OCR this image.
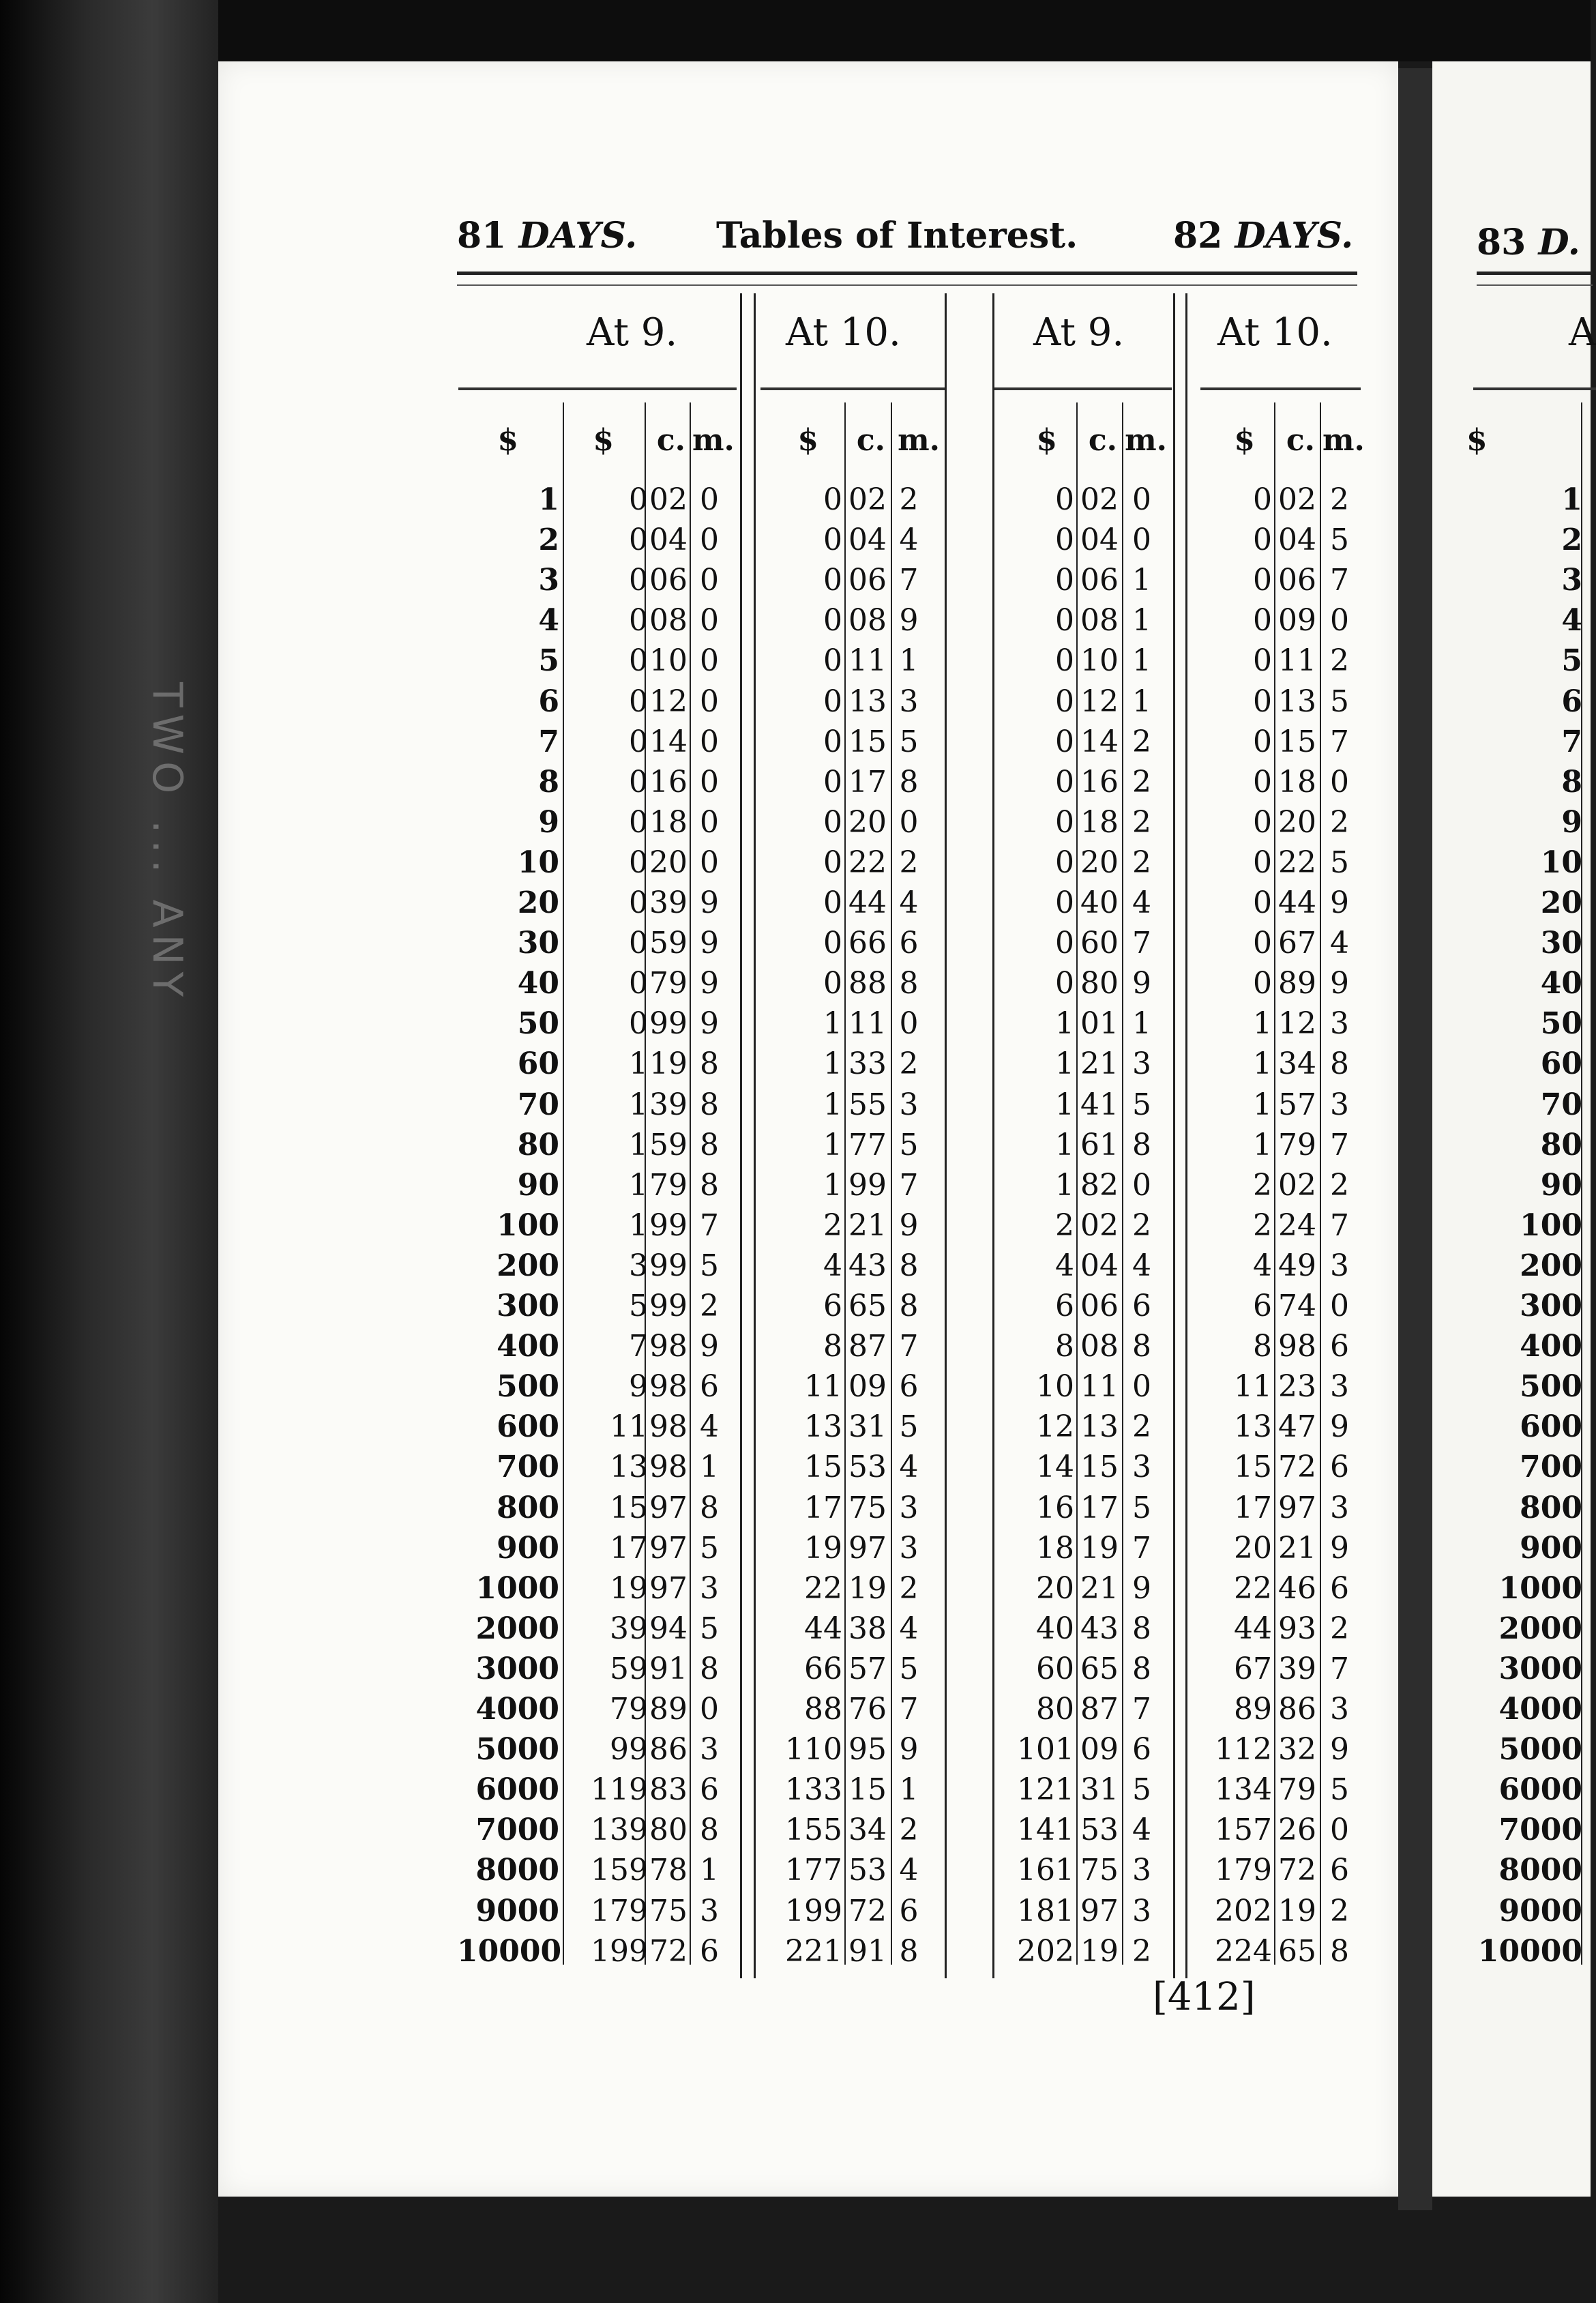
TWO ... ANY
81 DAYS. Tables of Interest.	82 DAYS.	83 D.
At 9.	At 10.	At 9. At 10.	A
$	$ c. m.	$ c. m.	$ c. m.	$ c. m.	$
1	0 02 0	0 02 2	0 02 0	0 02 2
2	0 04 0	0 04 4	0 04 0	0 04 5
3	0 06 0	0 06 7	0 06 1	0 06 7
4	0 08 0	0 08 9	0 08 1	0 09 0
5	0 10 0	0 11 1	0 10 1	0 11 2
6	0 12 0	0 13 3	0 12 1	0 13 5
7	0 14 0	0 15 5	0 14 2	0 15 7
8	0 16 0	0 17 8	0 16 2	0 18 0
9	0 18 0	0 20 0	0 18 2	0 20 2
10	0 20 0	0 22 2	0 20 2	0 22 5
20	0 39 9	0 44 4	0 40 4	0 44 9
30	0 59 9	0 66 6	0 60 7	0 67 4
40	0 79 9	0 88 8	0 80 9	0 89 9
50	0 99 9	1 11 0	1 01 1	1 12 3
60	1 19 8	1 33 2	1 21 3	1 34 8
70	1 39 8	1 55 3	1 41 5	1 57 3
80	1 59 8	1 77 5	1 61 8	1 79 7
90	1 79 8	1 99 7	1 82 0	2 02 2
100	1 99 7	2 21 9	2 02 2	2 24 7
200	3 99 5	4 43 8	4 04 4	4 49 3
300	5 99 2	6 65 8	6 06 6	6 74 0
400	7 98 9	8 87 7	8 08 8	8 98 6
500	9 98 6	11 09 6	10 11 0	11 23 3
600	11 98 4	13 31 5	12 13 2	13 47 9
700	13 98 1	15 53 4	14 15 3	15 72 6
800	15 97 8	17 75 3	16 17 5	17 97 3
900	17 97 5	19 97 3	18 19 7	20 21 9
1000	19 97 3	22 19 2	20 21 9	22 46 6
2000	39 94 5	44 38 4	40 43 8	44 93 2
3000	59 91 8	66 57 5	60 65 8	67 39 7
4000	79 89 0	88 76 7	80 87 7	89 86 3
5000	99 86 3	110 95 9	101 09 6	112 32 9
6000	119 83 6	133 15 1	121 31 5	134 79 5
7000	139 80 8	155 34 2	141 53 4	157 26 0
8000	159 78 1	177 53 4	161 75 3	179 72 6
9000	179 75 3	199 72 6	181 97 3	202 19 2
10000 199 72 6	221 91 8	202 19 2	224 65 8
1
2
3
4
5
6
7
8
9
10
20
30
40
50
60
70
80
90
100
200
300
400
500
600
700
800
900
1000
2000
3000
4000
5000
6000
7000
8000
9000
10000
[412]
